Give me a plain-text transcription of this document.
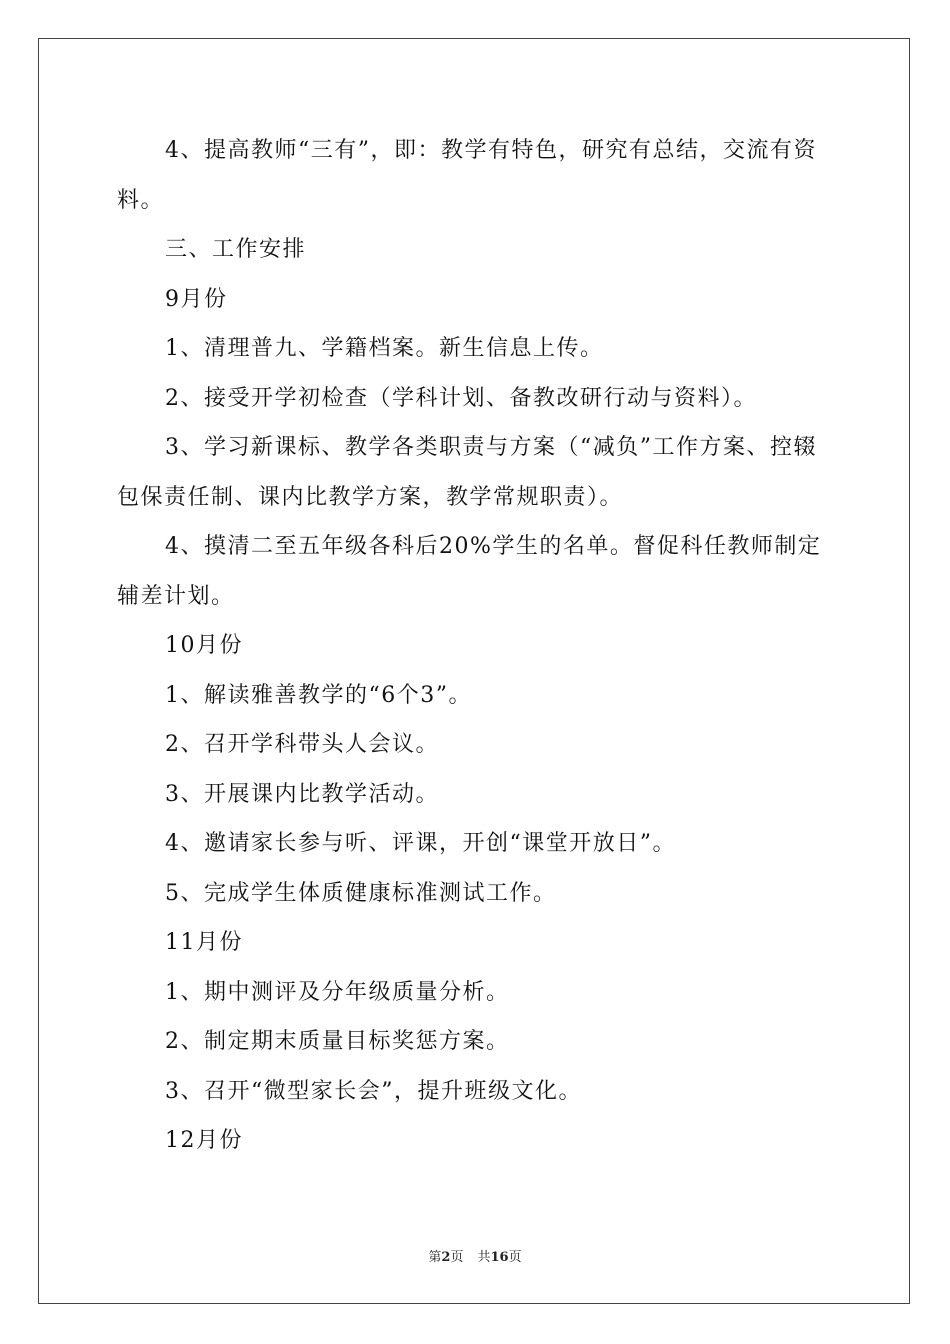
4、提高教师“三有”，即：教学有特色，研究有总结，交流有资料。

三、工作安排

9月份

1、清理普九、学籍档案。新生信息上传。

2、接受开学初检查（学科计划、备教改研行动与资料）。

3、学习新课标、教学各类职责与方案（“减负”工作方案、控辍包保责任制、课内比教学方案，教学常规职责）。

4、摸清二至五年级各科后20%学生的名单。督促科任教师制定辅差计划。

10月份

1、解读雅善教学的“6个3”。

2、召开学科带头人会议。

3、开展课内比教学活动。

4、邀请家长参与听、评课，开创“课堂开放日”。

5、完成学生体质健康标准测试工作。

11月份

1、期中测评及分年级质量分析。

2、制定期末质量目标奖惩方案。

3、召开“微型家长会”，提升班级文化。

12月份

第2页 共16页
